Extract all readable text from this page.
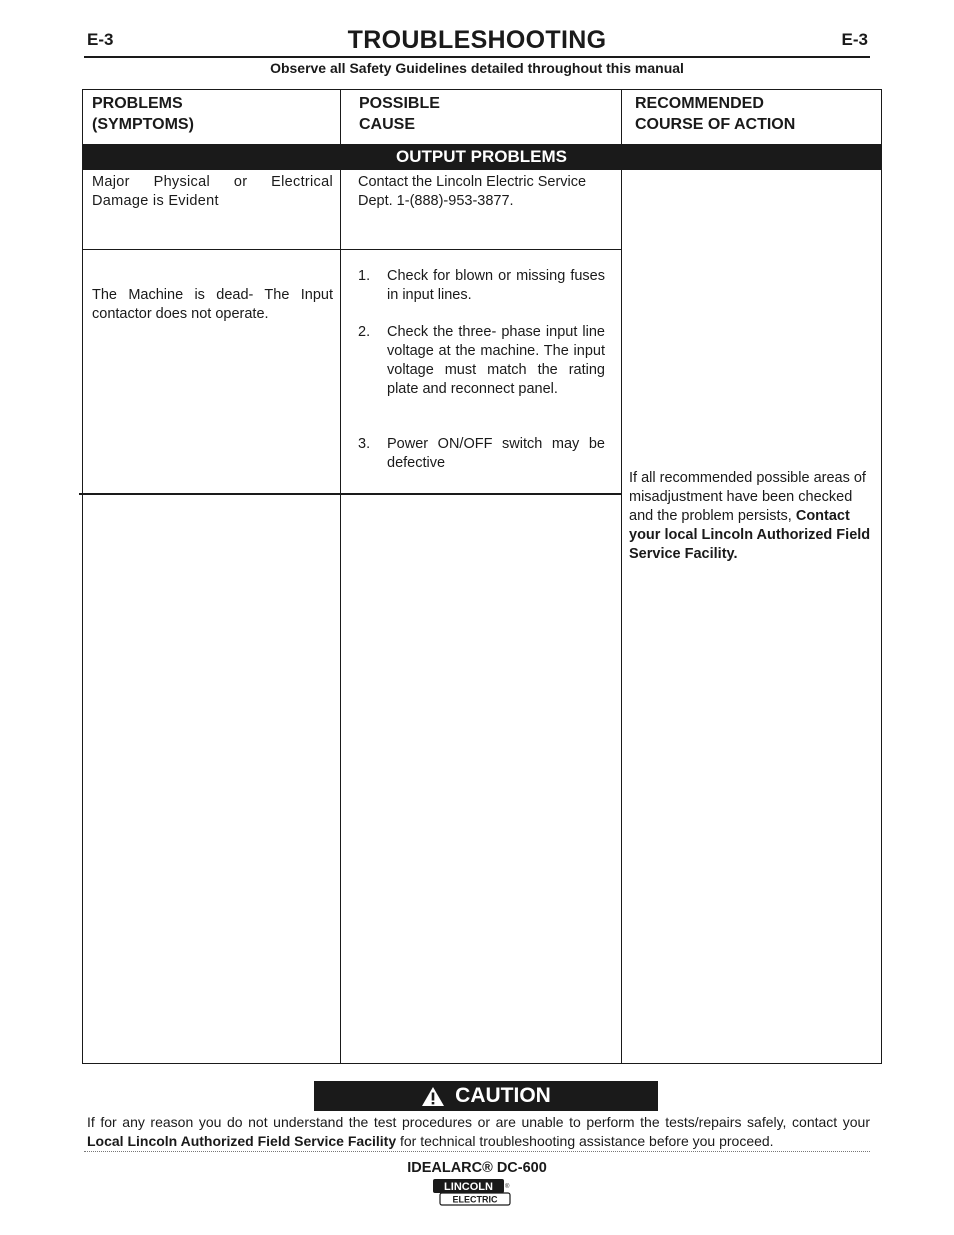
E-3	TROUBLESHOOTING	E-3
Observe all Safety Guidelines detailed throughout this manual
PROBLEMS
(SYMPTOMS)
POSSIBLE
CAUSE
RECOMMENDED
COURSE OF ACTION
OUTPUT PROBLEMS
Major Physical or Electrical Damage is Evident
Contact the Lincoln Electric Service Dept. 1-(888)-953-3877.
The Machine is dead- The Input contactor does not operate.
1. Check for blown or missing fuses in input lines.
2. Check the three- phase input line voltage at the machine. The input voltage must match the rating plate and reconnect panel.
3. Power ON/OFF switch may be defective
If all recommended possible areas of misadjustment have been checked and the problem persists, Contact your local Lincoln Authorized Field Service Facility.
CAUTION
If for any reason you do not understand the test procedures or are unable to perform the tests/repairs safely, contact your Local Lincoln Authorized Field Service Facility for technical troubleshooting assistance before you proceed.
IDEALARC® DC-600
LINCOLN
ELECTRIC
®
